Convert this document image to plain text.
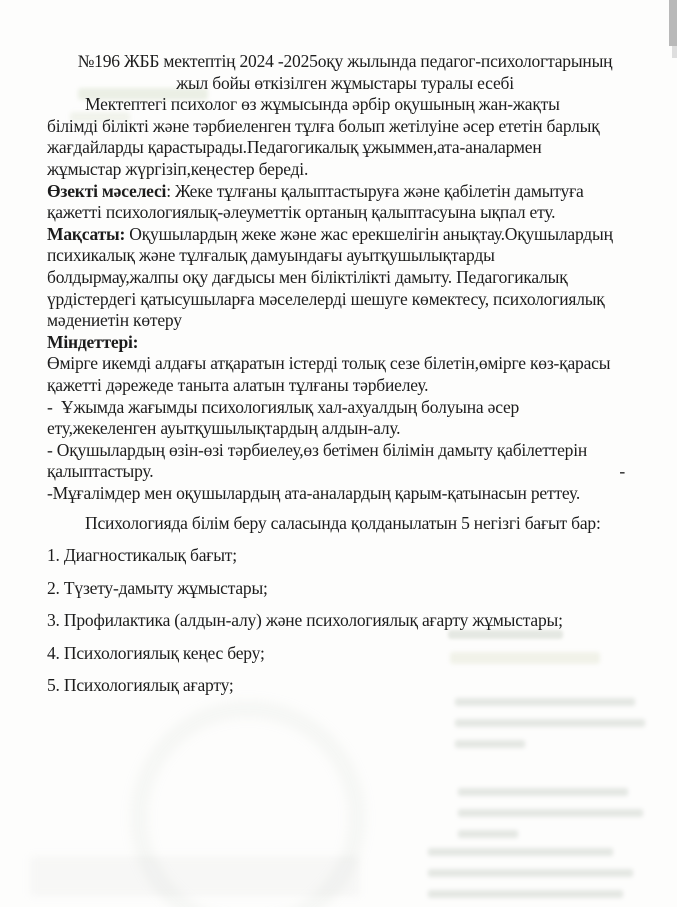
№196 ЖББ мектептің 2024 -2025оқу жылында педагог-психологтарының
жыл бойы өткізілген жұмыстары туралы есебі
Мектептегі психолог өз жұмысында әрбір оқушының жан-жақты
білімді білікті және тәрбиеленген тұлға болып жетілуіне әсер ететін барлық
жағдайларды қарастырады.Педагогикалық ұжыммен,ата-аналармен
жұмыстар жүргізіп,кеңестер береді.
Өзекті мәселесі: Жеке тұлғаны қалыптастыруға және қабілетін дамытуға
қажетті психологиялық-әлеуметтік ортаның қалыптасуына ықпал ету.
Мақсаты: Оқушылардың жеке және жас ерекшелігін анықтау.Оқушылардың
психикалық және тұлғалық дамуындағы ауытқушылықтарды
болдырмау,жалпы оқу дағдысы мен біліктілікті дамыту. Педагогикалық
үрдістердегі қатысушыларға мәселелерді шешуге көмектесу, психологиялық
мәдениетін көтеру
Міндеттері:
Өмірге икемді алдағы атқаратын істерді толық сезе білетін,өмірге көз-қарасы
қажетті дәрежеде таныта алатын тұлғаны тәрбиелеу.
-  Ұжымда жағымды психологиялық хал-ахуалдың болуына әсер
ету,жекеленген ауытқушылықтардың алдын-алу.
- Оқушылардың өзін-өзі тәрбиелеу,өз бетімен білімін дамыту қабілеттерін
қалыптастыру.	-
-Мұғалімдер мен оқушылардың ата-аналардың қарым-қатынасын реттеу.
Психологияда білім беру саласында қолданылатын 5 негізгі бағыт бар:
1. Диагностикалық бағыт;
2. Түзету-дамыту жұмыстары;
3. Профилактика (алдын-алу) және психологиялық ағарту жұмыстары;
4. Психологиялық кеңес беру;
5. Психологиялық ағарту;
